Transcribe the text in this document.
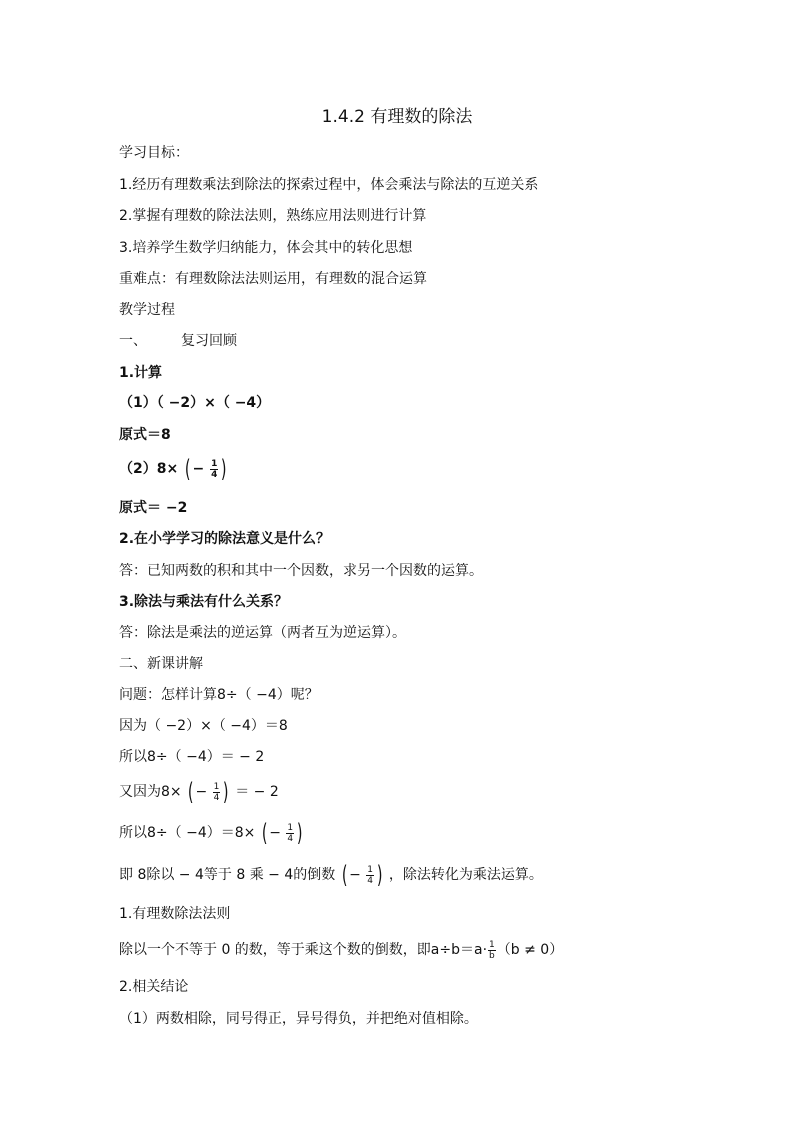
1.4.2 有理数的除法
学习目标：
1.经历有理数乘法到除法的探索过程中，体会乘法与除法的互逆关系
2.掌握有理数的除法法则，熟练应用法则进行计算
3.培养学生数学归纳能力，体会其中的转化思想
重难点：有理数除法法则运用，有理数的混合运算
教学过程
一、 复习回顾
1.计算
（1）（ −2）×（ −4）
原式＝8
（2）8× ( − $\frac{1}{4}$ )
原式＝ −2
2.在小学学习的除法意义是什么？
答：已知两数的积和其中一个因数，求另一个因数的运算。
3.除法与乘法有什么关系？
答：除法是乘法的逆运算（两者互为逆运算）。
二、新课讲解
问题：怎样计算8÷（ −4）呢？
因为（ −2）×（ −4）＝8
所以8÷（ −4）＝ − 2
又因为8× ( − $\frac{1}{4}$ ) ＝ − 2
所以8÷（ −4）＝8× ( − $\frac{1}{4}$ )
即 8除以 − 4等于 8 乘 − 4的倒数 ( − $\frac{1}{4}$ ) ，除法转化为乘法运算。
1.有理数除法法则
除以一个不等于 0 的数，等于乘这个数的倒数，即$a\div b=a\cdot \frac{1}{b} (b \ne 0)$
2.相关结论
（1）两数相除，同号得正，异号得负，并把绝对值相除。
